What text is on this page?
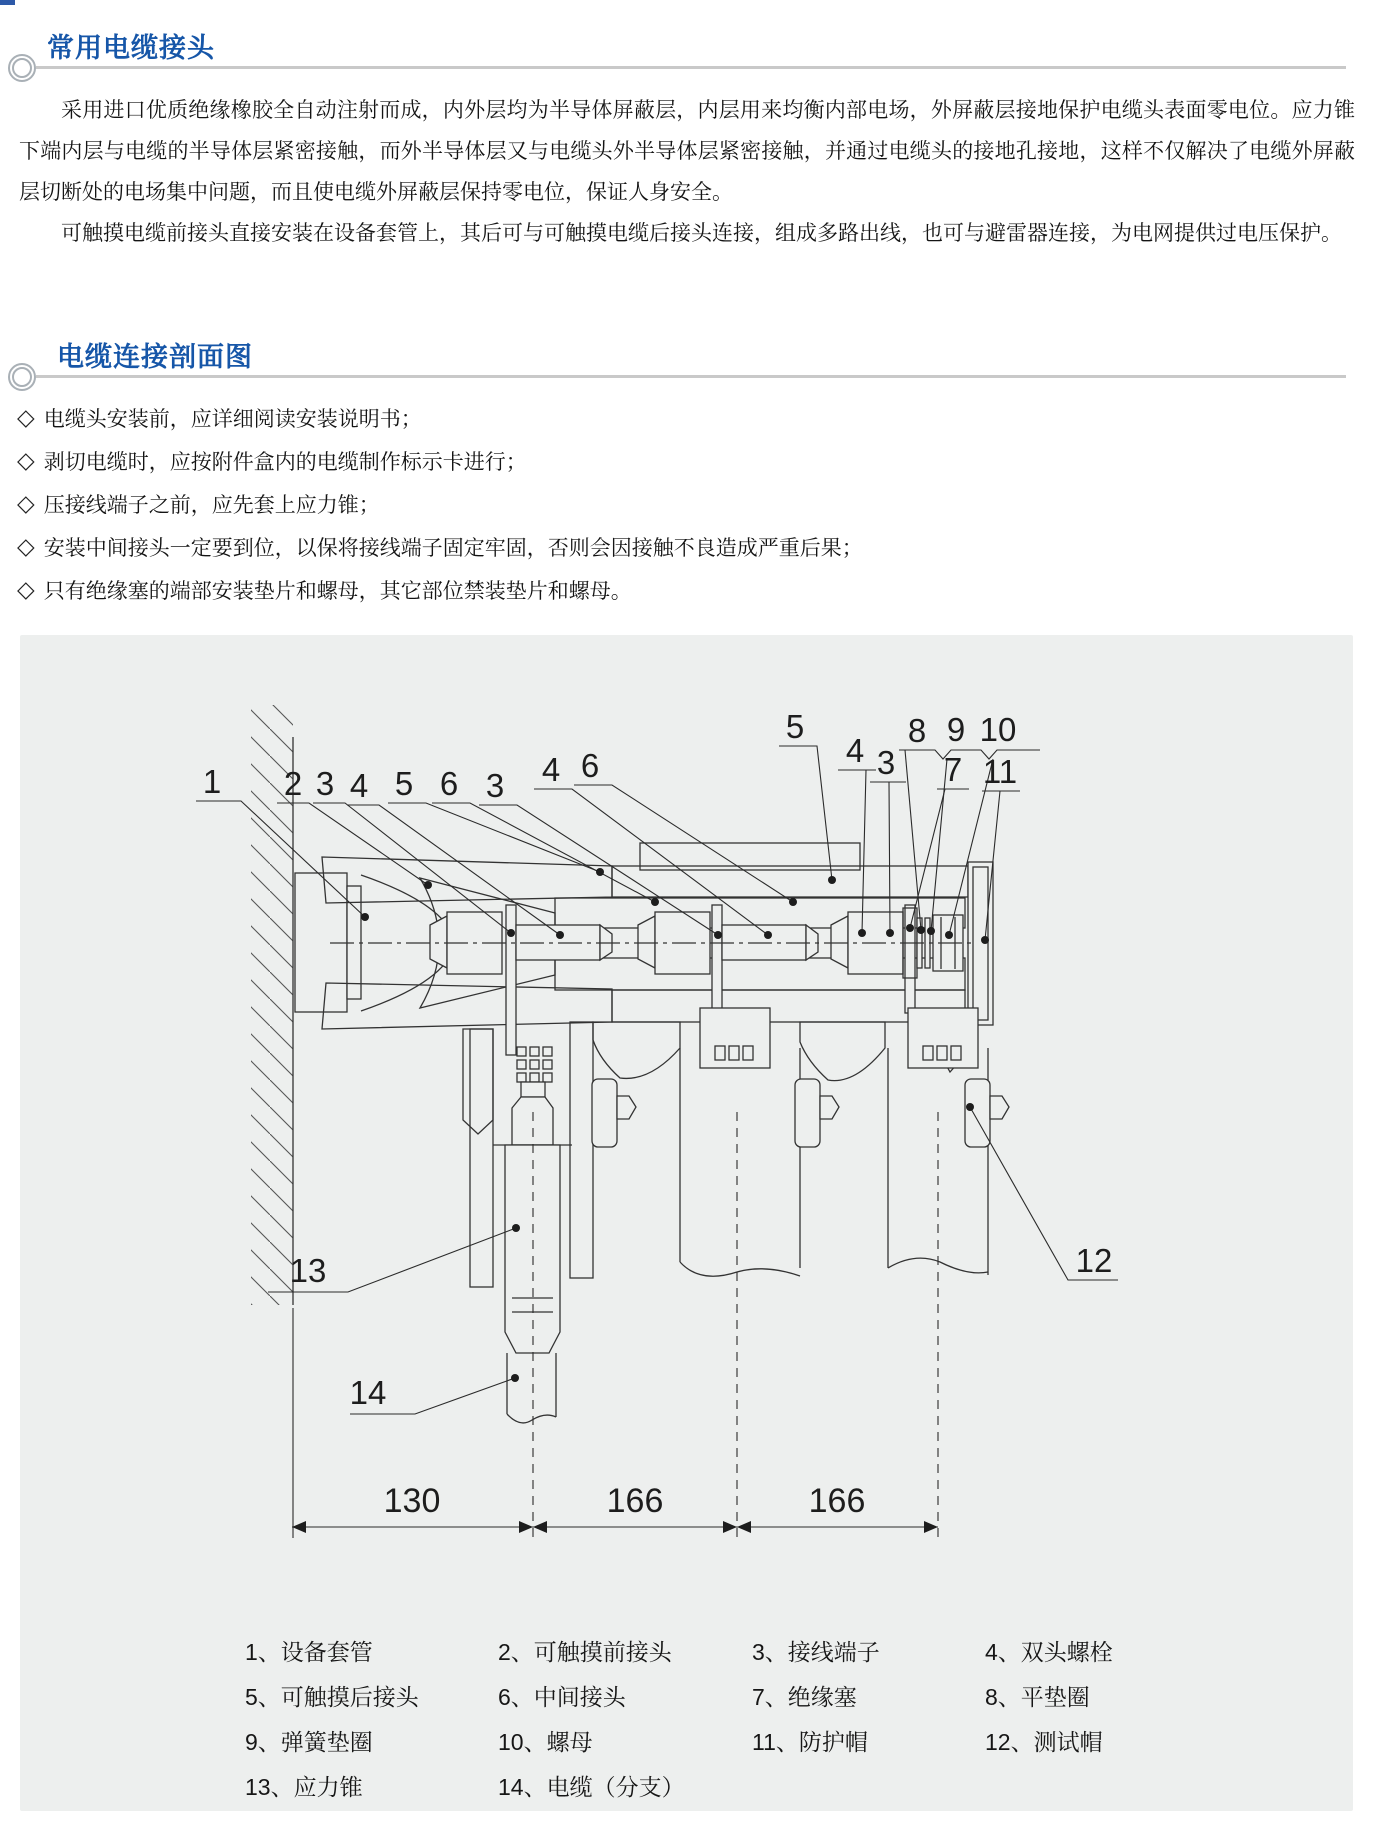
常用电缆接头

采用进口优质绝缘橡胶全自动注射而成，内外层均为半导体屏蔽层，内层用来均衡内部电场，外屏蔽层接地保护电缆头表面零电位。应力锥下端内层与电缆的半导体层紧密接触，而外半导体层又与电缆头外半导体层紧密接触，并通过电缆头的接地孔接地，这样不仅解决了电缆外屏蔽层切断处的电场集中问题，而且使电缆外屏蔽层保持零电位，保证人身安全。

可触摸电缆前接头直接安装在设备套管上，其后可与可触摸电缆后接头连接，组成多路出线，也可与避雷器连接，为电网提供过电压保护。

电缆连接剖面图
◇ 电缆头安装前，应详细阅读安装说明书；
◇ 剥切电缆时，应按附件盒内的电缆制作标示卡进行；
◇ 压接线端子之前，应先套上应力锥；
◇ 安装中间接头一定要到位，以保将接线端子固定牢固，否则会因接触不良造成严重后果；
◇ 只有绝缘塞的端部安装垫片和螺母，其它部位禁装垫片和螺母。
130	166	166
1 2 3 4 5 6 3 4 6
5
4 3
8 9 10
7 11
12
13
14
1、设备套管	2、可触摸前接头	3、接线端子	4、双头螺栓
5、可触摸后接头	6、中间接头	7、绝缘塞	8、平垫圈
9、弹簧垫圈	10、螺母	11、防护帽	12、测试帽
13、应力锥	14、电缆（分支）
